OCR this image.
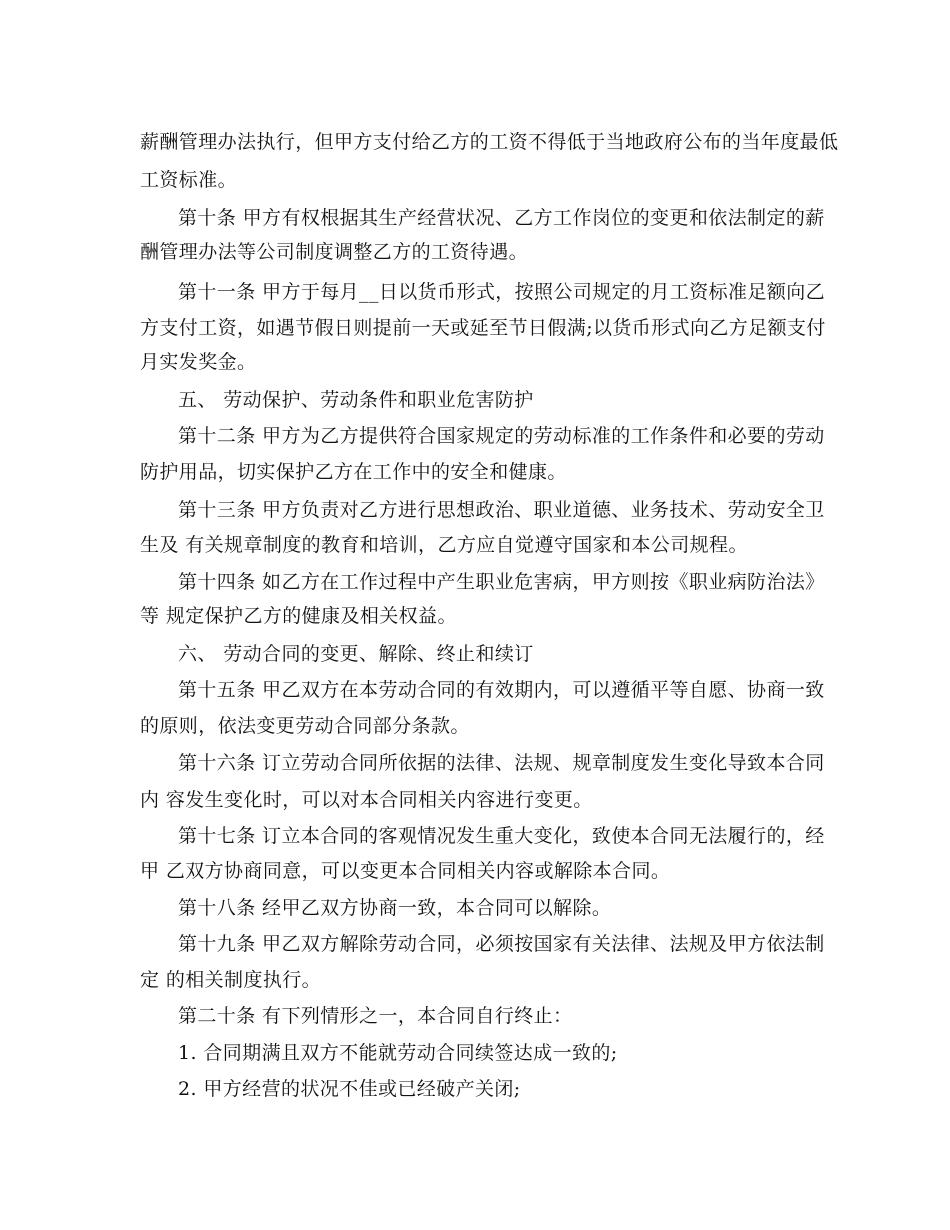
薪酬管理办法执行，但甲方支付给乙方的工资不得低于当地政府公布的当年度最低
工资标准。
第十条 甲方有权根据其生产经营状况、乙方工作岗位的变更和依法制定的薪
酬管理办法等公司制度调整乙方的工资待遇。
第十一条 甲方于每月__日以货币形式，按照公司规定的月工资标准足额向乙
方支付工资，如遇节假日则提前一天或延至节日假满;以货币形式向乙方足额支付
月实发奖金。
五、 劳动保护、劳动条件和职业危害防护
第十二条 甲方为乙方提供符合国家规定的劳动标准的工作条件和必要的劳动
防护用品，切实保护乙方在工作中的安全和健康。
第十三条 甲方负责对乙方进行思想政治、职业道德、业务技术、劳动安全卫
生及 有关规章制度的教育和培训，乙方应自觉遵守国家和本公司规程。
第十四条 如乙方在工作过程中产生职业危害病，甲方则按《职业病防治法》
等 规定保护乙方的健康及相关权益。
六、 劳动合同的变更、解除、终止和续订
第十五条 甲乙双方在本劳动合同的有效期内，可以遵循平等自愿、协商一致
的原则，依法变更劳动合同部分条款。
第十六条 订立劳动合同所依据的法律、法规、规章制度发生变化导致本合同
内 容发生变化时，可以对本合同相关内容进行变更。
第十七条 订立本合同的客观情况发生重大变化，致使本合同无法履行的，经
甲 乙双方协商同意，可以变更本合同相关内容或解除本合同。
第十八条 经甲乙双方协商一致，本合同可以解除。
第十九条 甲乙双方解除劳动合同，必须按国家有关法律、法规及甲方依法制
定 的相关制度执行。
第二十条 有下列情形之一，本合同自行终止：
1. 合同期满且双方不能就劳动合同续签达成一致的;
2. 甲方经营的状况不佳或已经破产关闭;
